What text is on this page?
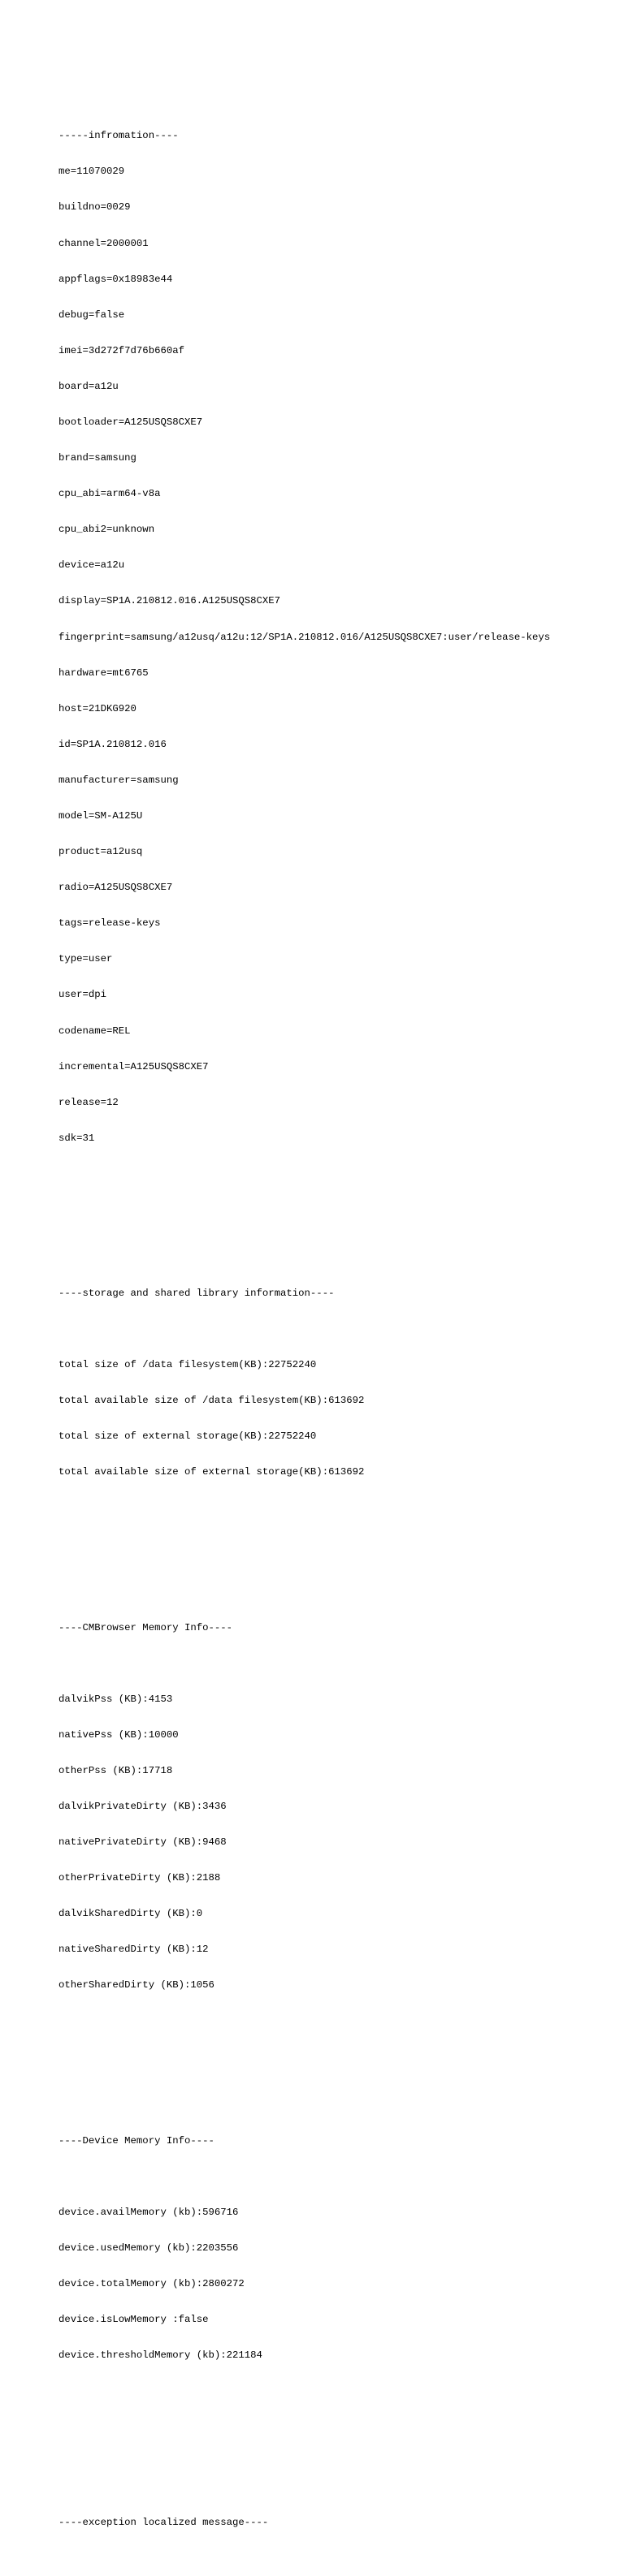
-----infromation----

me=11070029

buildno=0029

channel=2000001

appflags=0x18983e44

debug=false

imei=3d272f7d76b660af

board=a12u

bootloader=A125USQS8CXE7

brand=samsung

cpu_abi=arm64-v8a

cpu_abi2=unknown

device=a12u

display=SP1A.210812.016.A125USQS8CXE7

fingerprint=samsung/a12usq/a12u:12/SP1A.210812.016/A125USQS8CXE7:user/release-keys

hardware=mt6765

host=21DKG920

id=SP1A.210812.016

manufacturer=samsung

model=SM-A125U

product=a12usq

radio=A125USQS8CXE7

tags=release-keys

type=user

user=dpi

codename=REL

incremental=A125USQS8CXE7

release=12

sdk=31

----storage and shared library information----

total size of /data filesystem(KB):22752240

total available size of /data filesystem(KB):613692

total size of external storage(KB):22752240

total available size of external storage(KB):613692

----CMBrowser Memory Info----

dalvikPss (KB):4153

nativePss (KB):10000

otherPss (KB):17718

dalvikPrivateDirty (KB):3436

nativePrivateDirty (KB):9468

otherPrivateDirty (KB):2188

dalvikSharedDirty (KB):0

nativeSharedDirty (KB):12

otherSharedDirty (KB):1056

----Device Memory Info----

device.availMemory (kb):596716

device.usedMemory (kb):2203556

device.totalMemory (kb):2800272

device.isLowMemory :false

device.thresholdMemory (kb):221184

----exception localized message----
